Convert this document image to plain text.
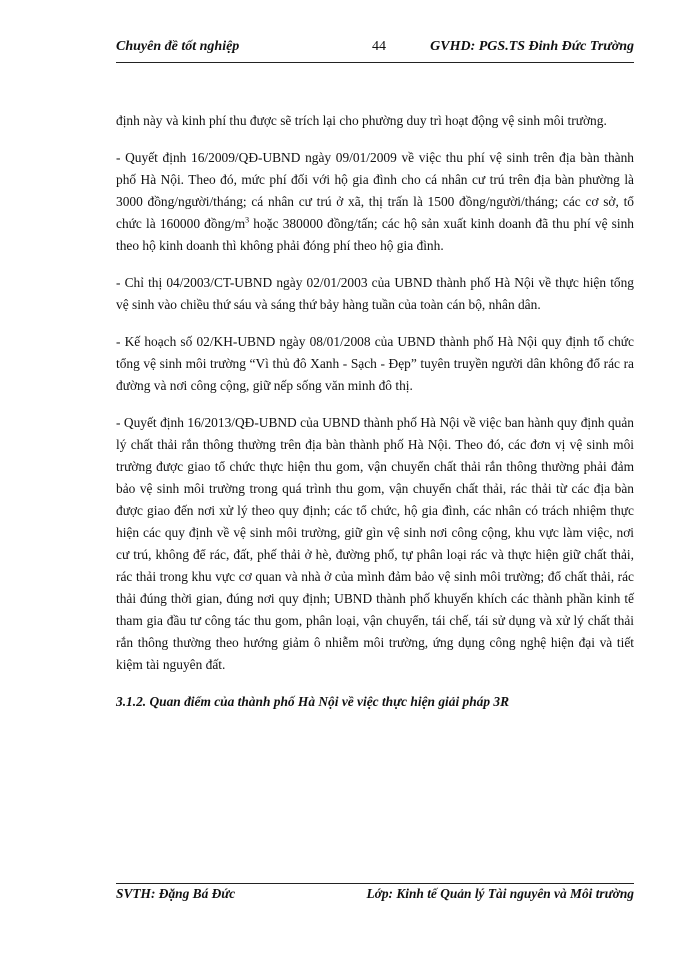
Chuyên đề tốt nghiệp	44	GVHD: PGS.TS Đinh Đức Trường

định này và kinh phí thu được sẽ trích lại cho phường duy trì hoạt động vệ sinh môi trường.

- Quyết định 16/2009/QĐ-UBND ngày 09/01/2009 về việc thu phí vệ sinh trên địa bàn thành phố Hà Nội. Theo đó, mức phí đối với hộ gia đình cho cá nhân cư trú trên địa bàn phường là 3000 đồng/người/tháng; cá nhân cư trú ở xã, thị trấn là 1500 đồng/người/tháng; các cơ sở, tổ chức là 160000 đồng/$m^3$ hoặc 380000 đồng/tấn; các hộ sản xuất kinh doanh đã thu phí vệ sinh theo hộ kinh doanh thì không phải đóng phí theo hộ gia đình.

- Chỉ thị 04/2003/CT-UBND ngày 02/01/2003 của UBND thành phố Hà Nội về thực hiện tổng vệ sinh vào chiều thứ sáu và sáng thứ bảy hàng tuần của toàn cán bộ, nhân dân.

- Kế hoạch số 02/KH-UBND ngày 08/01/2008 của UBND thành phố Hà Nội quy định tổ chức tổng vệ sinh môi trường “Vì thủ đô Xanh - Sạch - Đẹp” tuyên truyền người dân không đổ rác ra đường và nơi công cộng, giữ nếp sống văn minh đô thị.

- Quyết định 16/2013/QĐ-UBND của UBND thành phố Hà Nội về việc ban hành quy định quản lý chất thải rắn thông thường trên địa bàn thành phố Hà Nội. Theo đó, các đơn vị vệ sinh môi trường được giao tổ chức thực hiện thu gom, vận chuyển chất thải rắn thông thường phải đảm bảo vệ sinh môi trường trong quá trình thu gom, vận chuyển chất thải, rác thải từ các địa bàn được giao đến nơi xử lý theo quy định; các tổ chức, hộ gia đình, các nhân có trách nhiệm thực hiện các quy định về vệ sinh môi trường, giữ gìn vệ sinh nơi công cộng, khu vực làm việc, nơi cư trú, không để rác, đất, phế thải ở hè, đường phố, tự phân loại rác và thực hiện giữ chất thải, rác thải trong khu vực cơ quan và nhà ở của mình đảm bảo vệ sinh môi trường; đổ chất thải, rác thải đúng thời gian, đúng nơi quy định; UBND thành phố khuyến khích các thành phần kinh tế tham gia đầu tư công tác thu gom, phân loại, vận chuyển, tái chế, tái sử dụng và xử lý chất thải rắn thông thường theo hướng giảm ô nhiễm môi trường, ứng dụng công nghệ hiện đại và tiết kiệm tài nguyên đất.

3.1.2. Quan điểm của thành phố Hà Nội về việc thực hiện giải pháp 3R
SVTH: Đặng Bá Đức	Lớp: Kinh tế Quản lý Tài nguyên và Môi trường
